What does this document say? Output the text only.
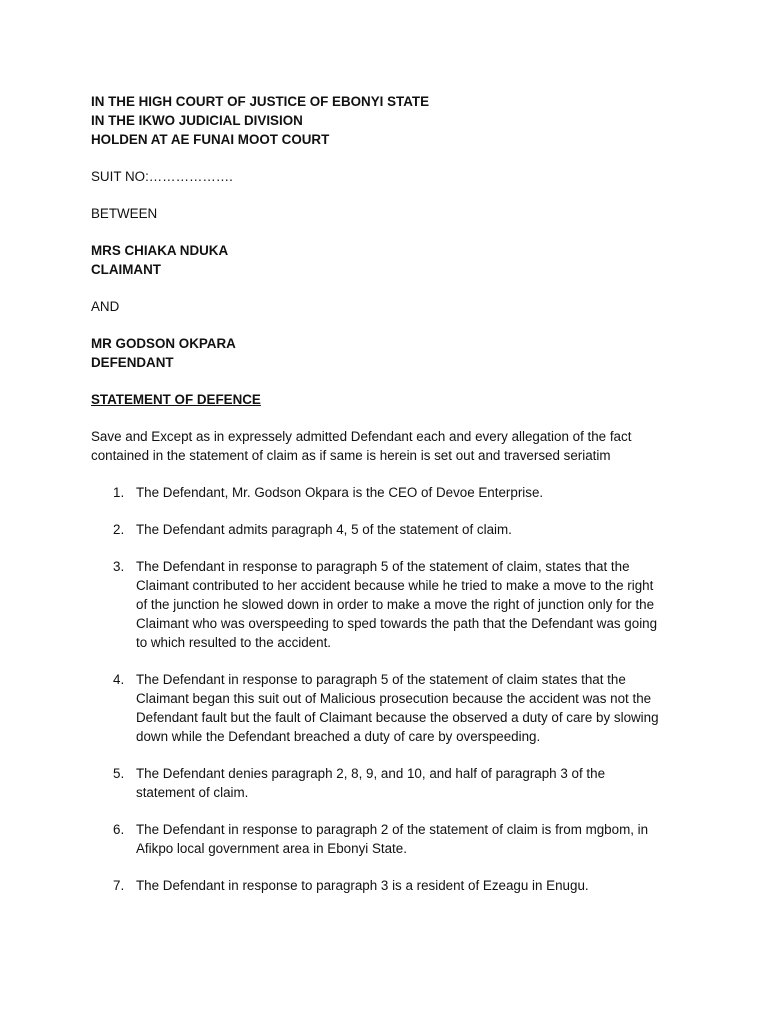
IN THE HIGH COURT OF JUSTICE OF EBONYI STATE
IN THE IKWO JUDICIAL DIVISION
HOLDEN AT AE FUNAI MOOT COURT
SUIT NO:……………….
BETWEEN
MRS CHIAKA NDUKA
CLAIMANT
AND
MR GODSON OKPARA
DEFENDANT
STATEMENT OF DEFENCE
Save and Except as in expressely admitted Defendant each and every allegation of the fact
contained in the statement of claim as if same is herein is set out and traversed seriatim
1. The Defendant, Mr. Godson Okpara is the CEO of Devoe Enterprise.
2. The Defendant admits paragraph 4, 5 of the statement of claim.
3. The Defendant in response to paragraph 5 of the statement of claim, states that the
Claimant contributed to her accident because while he tried to make a move to the right
of the junction he slowed down in order to make a move the right of junction only for the
Claimant who was overspeeding to sped towards the path that the Defendant was going
to which resulted to the accident.
4. The Defendant in response to paragraph 5 of the statement of claim states that the
Claimant began this suit out of Malicious prosecution because the accident was not the
Defendant fault but the fault of Claimant because the observed a duty of care by slowing
down while the Defendant breached a duty of care by overspeeding.
5. The Defendant denies paragraph 2, 8, 9, and 10, and half of paragraph 3 of the
statement of claim.
6. The Defendant in response to paragraph 2 of the statement of claim is from mgbom, in
Afikpo local government area in Ebonyi State.
7. The Defendant in response to paragraph 3 is a resident of Ezeagu in Enugu.
